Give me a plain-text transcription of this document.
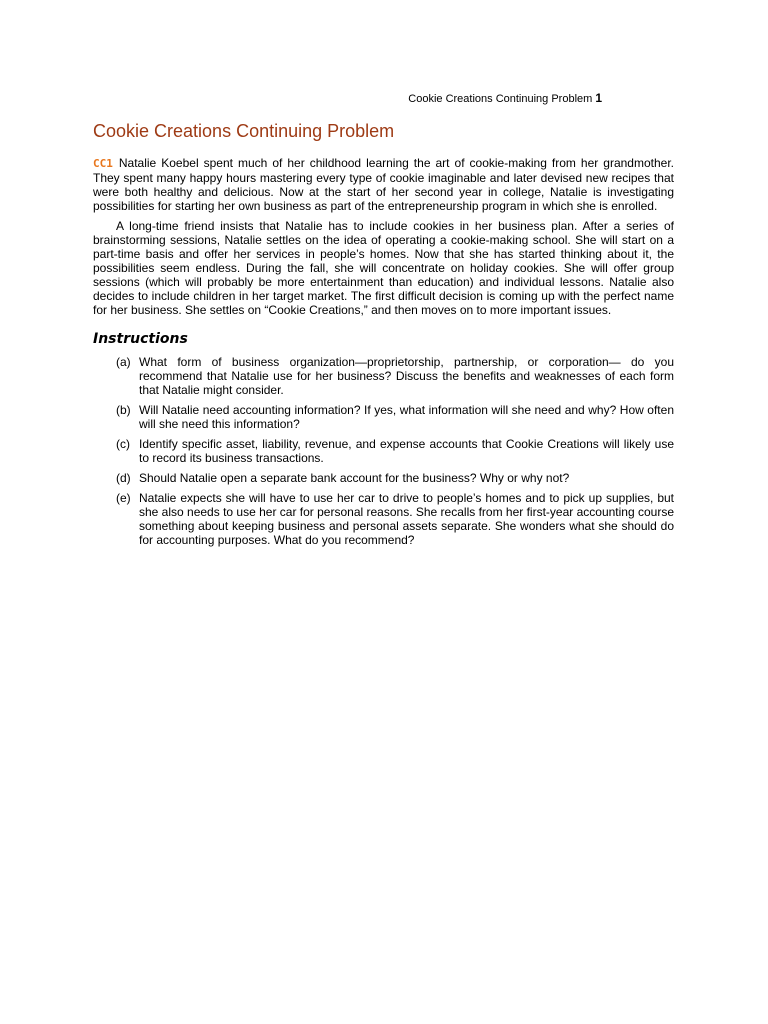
Cookie Creations Continuing Problem 1
Cookie Creations Continuing Problem

CC1 Natalie Koebel spent much of her childhood learning the art of cookie-making from her grandmother. They spent many happy hours mastering every type of cookie imaginable and later devised new recipes that were both healthy and delicious. Now at the start of her second year in college, Natalie is investigating possibilities for starting her own business as part of the entrepreneurship program in which she is enrolled.

A long-time friend insists that Natalie has to include cookies in her business plan. After a series of brainstorming sessions, Natalie settles on the idea of operating a cookie-making school. She will start on a part-time basis and offer her services in people’s homes. Now that she has started thinking about it, the possibilities seem endless. During the fall, she will concentrate on holiday cookies. She will offer group sessions (which will probably be more entertainment than education) and individual lessons. Natalie also decides to include children in her target market. The first difficult decision is coming up with the perfect name for her business. She settles on “Cookie Creations,” and then moves on to more important issues.

Instructions
(a) What form of business organization—proprietorship, partnership, or corporation— do you recommend that Natalie use for her business? Discuss the benefits and weaknesses of each form that Natalie might consider.
(b) Will Natalie need accounting information? If yes, what information will she need and why? How often will she need this information?
(c) Identify specific asset, liability, revenue, and expense accounts that Cookie Creations will likely use to record its business transactions.
(d) Should Natalie open a separate bank account for the business? Why or why not?
(e) Natalie expects she will have to use her car to drive to people’s homes and to pick up supplies, but she also needs to use her car for personal reasons. She recalls from her first-year accounting course something about keeping business and personal assets separate. She wonders what she should do for accounting purposes. What do you recommend?
